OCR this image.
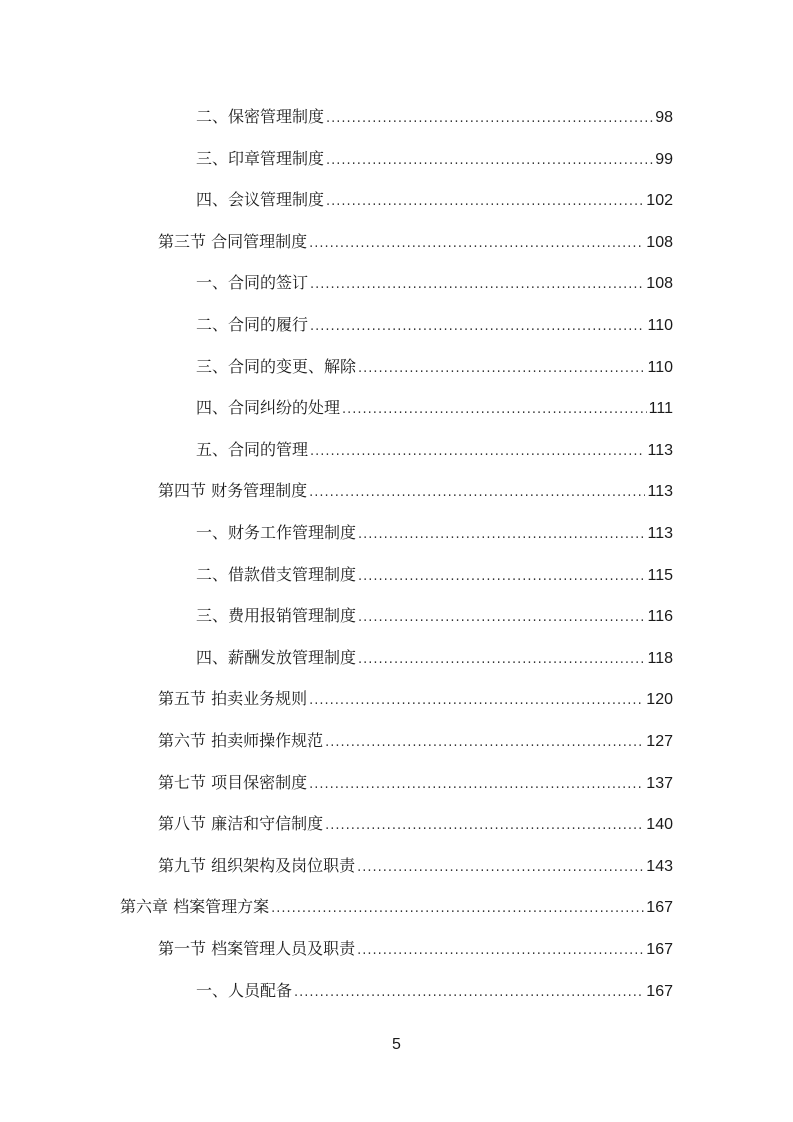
二、保密管理制度 .....	98
三、印章管理制度 .....	99
四、会议管理制度 .....	102
第三节 合同管理制度 .....	108
一、合同的签订 .....	108
二、合同的履行 .....	110
三、合同的变更、解除 .....	110
四、合同纠纷的处理 .....	111
五、合同的管理 .....	113
第四节 财务管理制度 .....	113
一、财务工作管理制度 .....	113
二、借款借支管理制度 .....	115
三、费用报销管理制度 .....	116
四、薪酬发放管理制度 .....	118
第五节 拍卖业务规则 .....	120
第六节 拍卖师操作规范 .....	127
第七节 项目保密制度 .....	137
第八节 廉洁和守信制度 .....	140
第九节 组织架构及岗位职责 .....	143
第六章 档案管理方案 .....	167
第一节 档案管理人员及职责 .....	167
一、人员配备 .....	167
5
